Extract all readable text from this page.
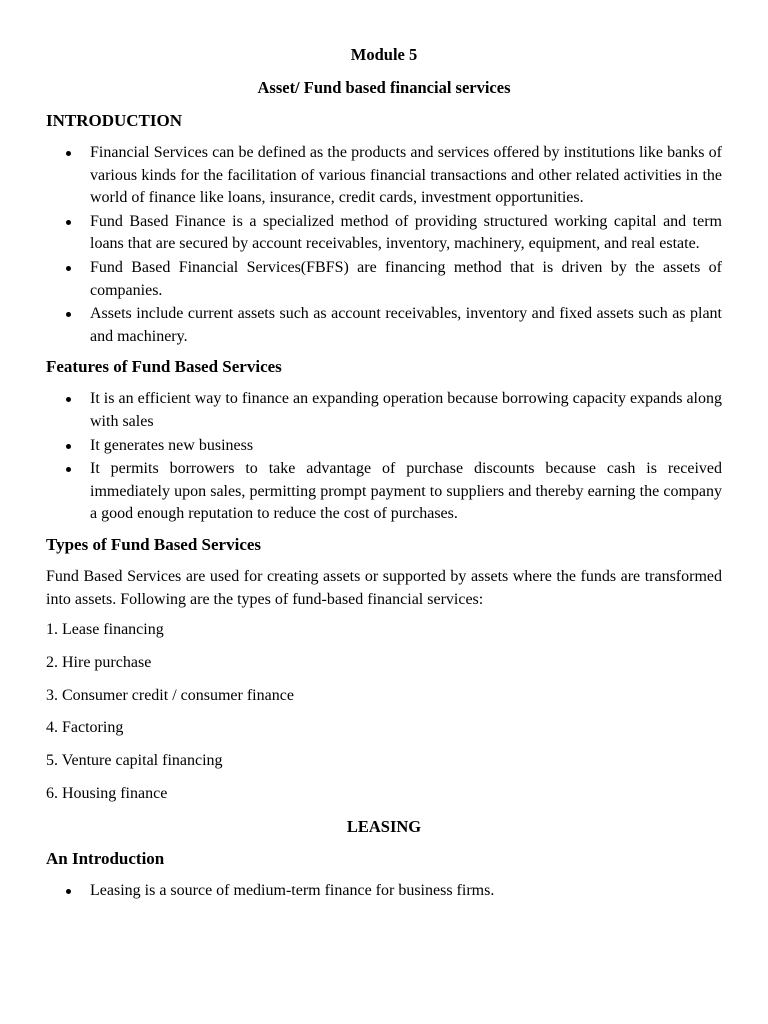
Module 5

Asset/ Fund based financial services

INTRODUCTION

Financial Services can be defined as the products and services offered by institutions like banks of various kinds for the facilitation of various financial transactions and other related activities in the world of finance like loans, insurance, credit cards, investment opportunities.
Fund Based Finance is a specialized method of providing structured working capital and term loans that are secured by account receivables, inventory, machinery, equipment, and real estate.
Fund Based Financial Services(FBFS) are financing method that is driven by the assets of companies.
Assets include current assets such as account receivables, inventory and fixed assets such as plant and machinery.

Features of Fund Based Services

It is an efficient way to finance an expanding operation because borrowing capacity expands along with sales
It generates new business
It permits borrowers to take advantage of purchase discounts because cash is received immediately upon sales, permitting prompt payment to suppliers and thereby earning the company a good enough reputation to reduce the cost of purchases.

Types of Fund Based Services

Fund Based Services are used for creating assets or supported by assets where the funds are transformed into assets. Following are the types of fund-based financial services:

1. Lease financing
2. Hire purchase
3. Consumer credit / consumer finance
4. Factoring
5. Venture capital financing
6. Housing finance

LEASING

An Introduction

Leasing is a source of medium-term finance for business firms.
